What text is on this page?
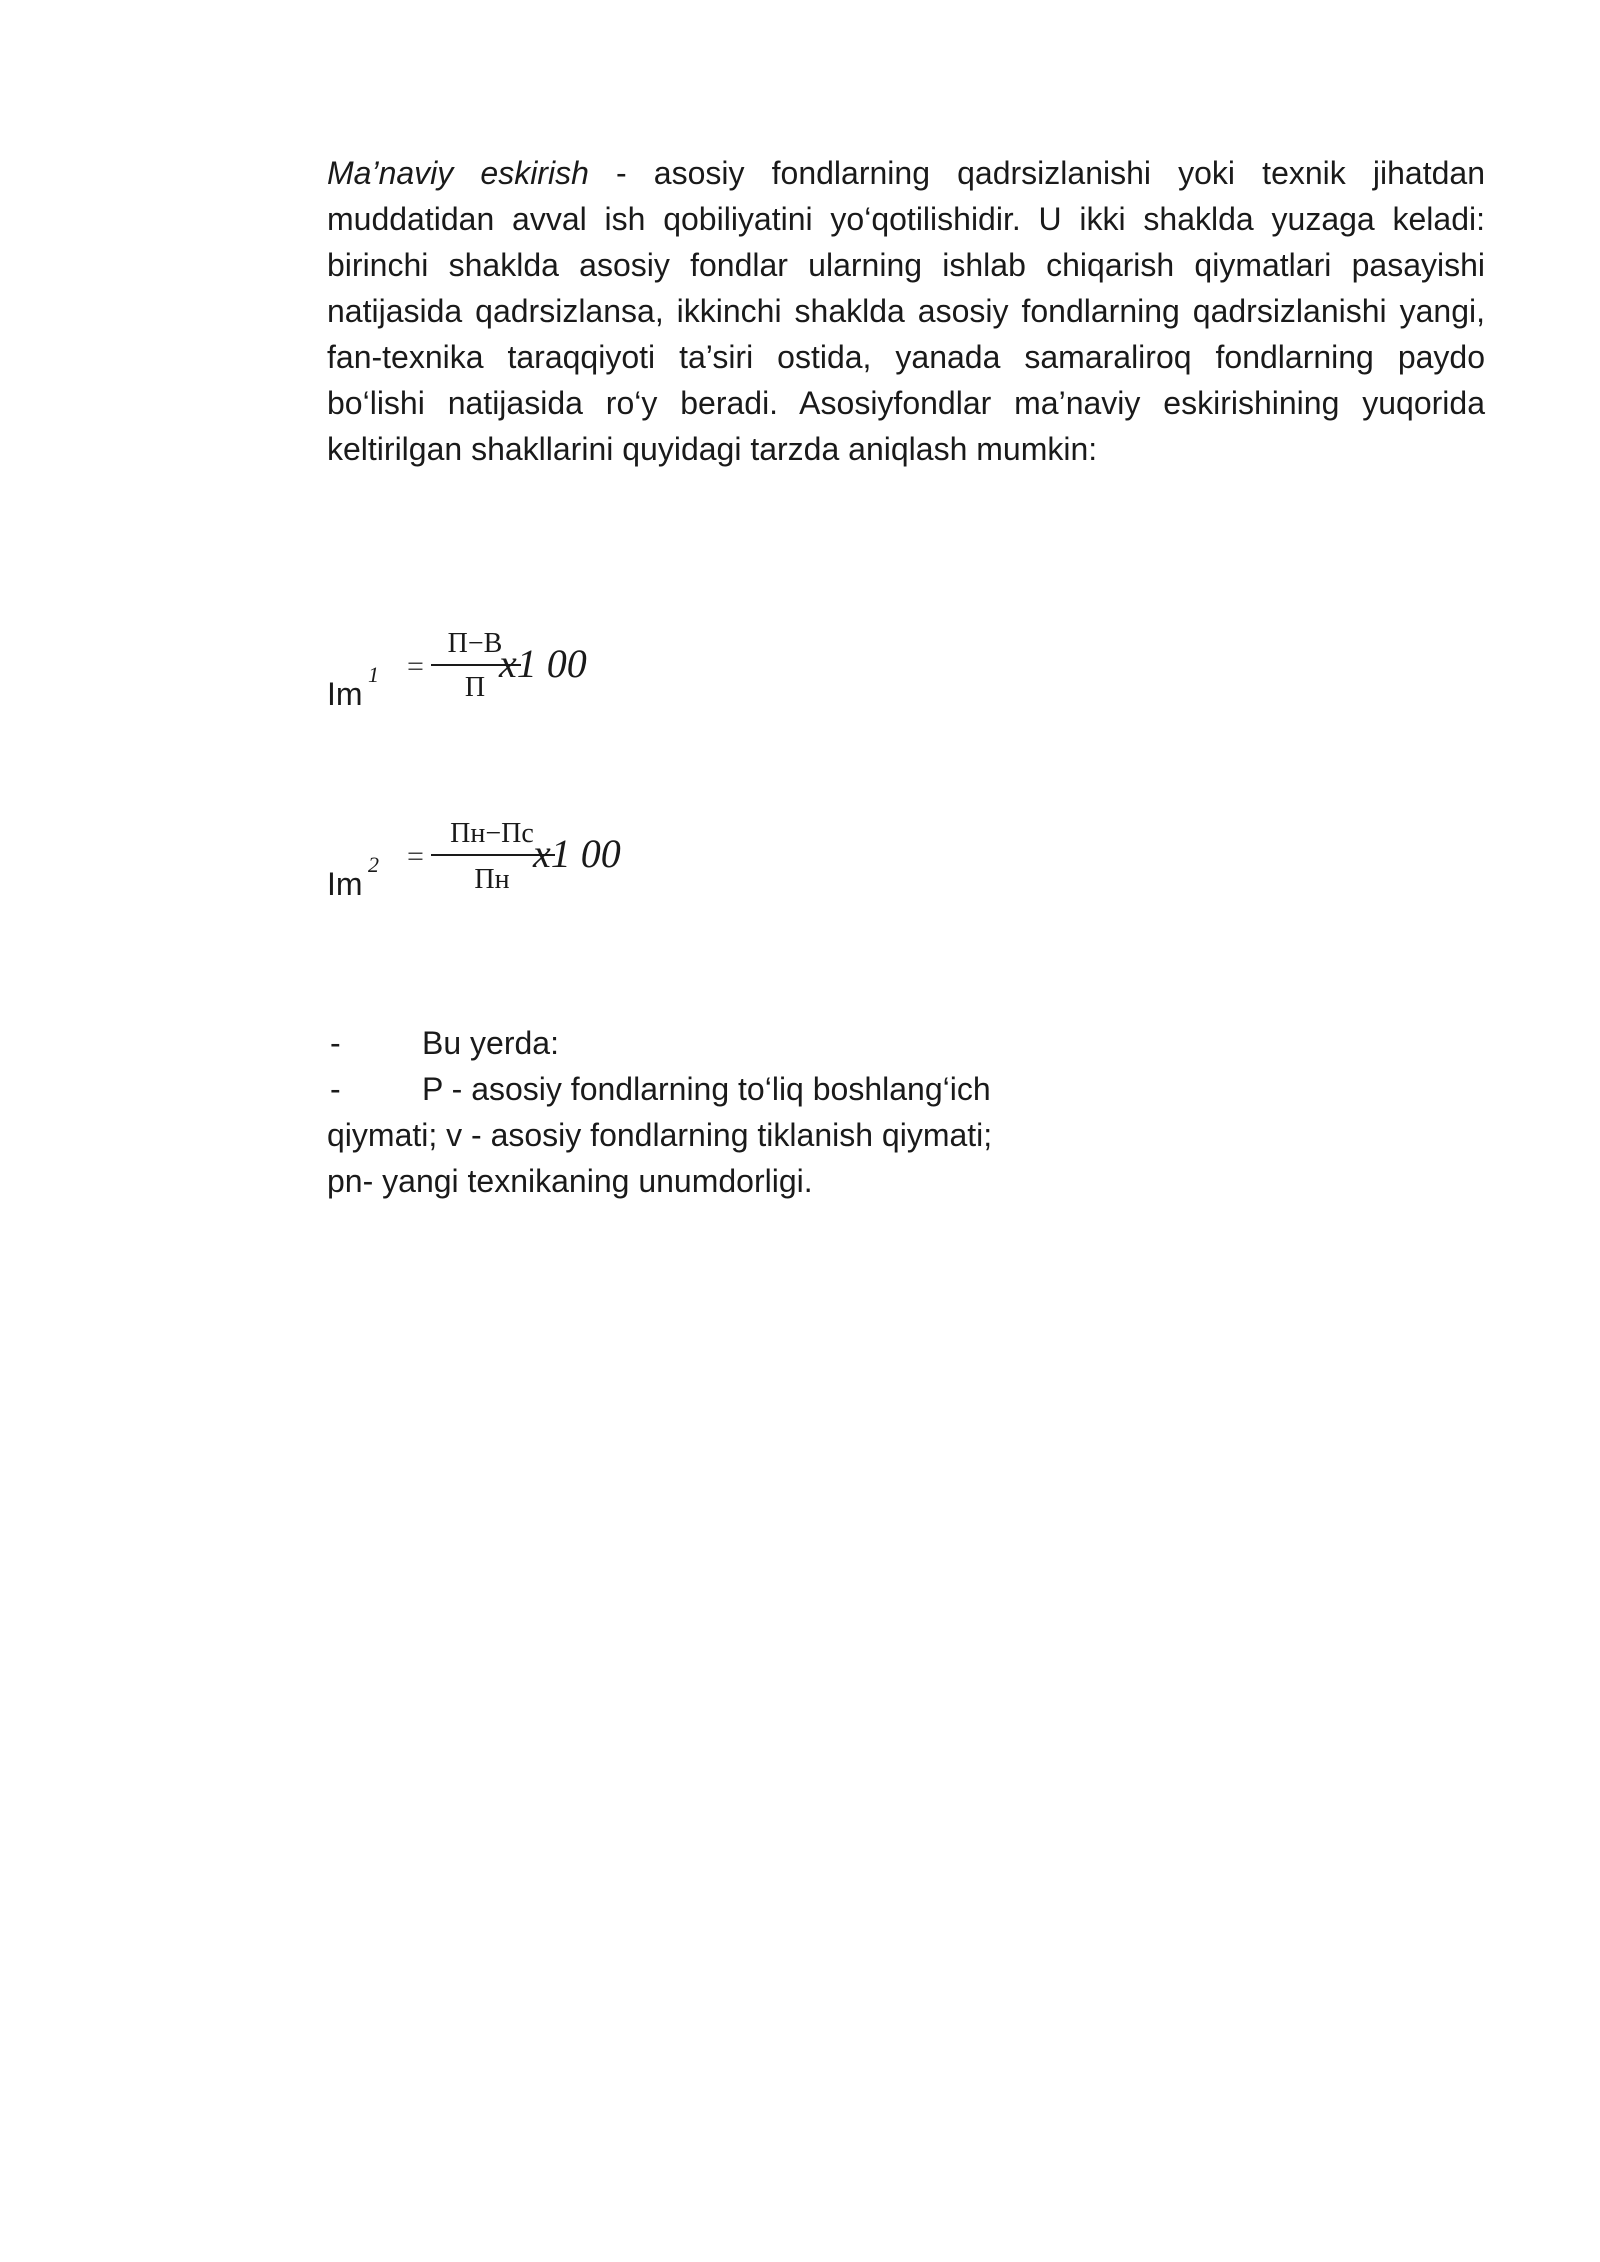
Ma’naviy eskirish - asosiy fondlarning qadrsizlanishi yoki texnik jihatdan muddatidan avval ish qobiliyatini yo‘qotilishidir. U ikki shaklda yuzaga keladi: birinchi shaklda asosiy fondlar ularning ishlab chiqarish qiymatlari pasayishi natijasida qadrsizlansa, ikkinchi shaklda asosiy fondlarning qadrsizlanishi yangi, fan-texnika taraqqiyoti ta’siri ostida, yanada samaraliroq fondlarning paydo bo‘lishi natijasida ro‘y beradi. Asosiyfondlar ma’naviy eskirishining yuqorida keltirilgan shakllarini quyidagi tarzda aniqlash mumkin:

Im
1 =
П−В
П
x1 00
Im
2 =
Пн−Пс
Пн
x1 00
-	Bu yerda:
-	P - asosiy fondlarning to‘liq boshlang‘ich
qiymati; v - asosiy fondlarning tiklanish qiymati;
pn- yangi texnikaning unumdorligi.
